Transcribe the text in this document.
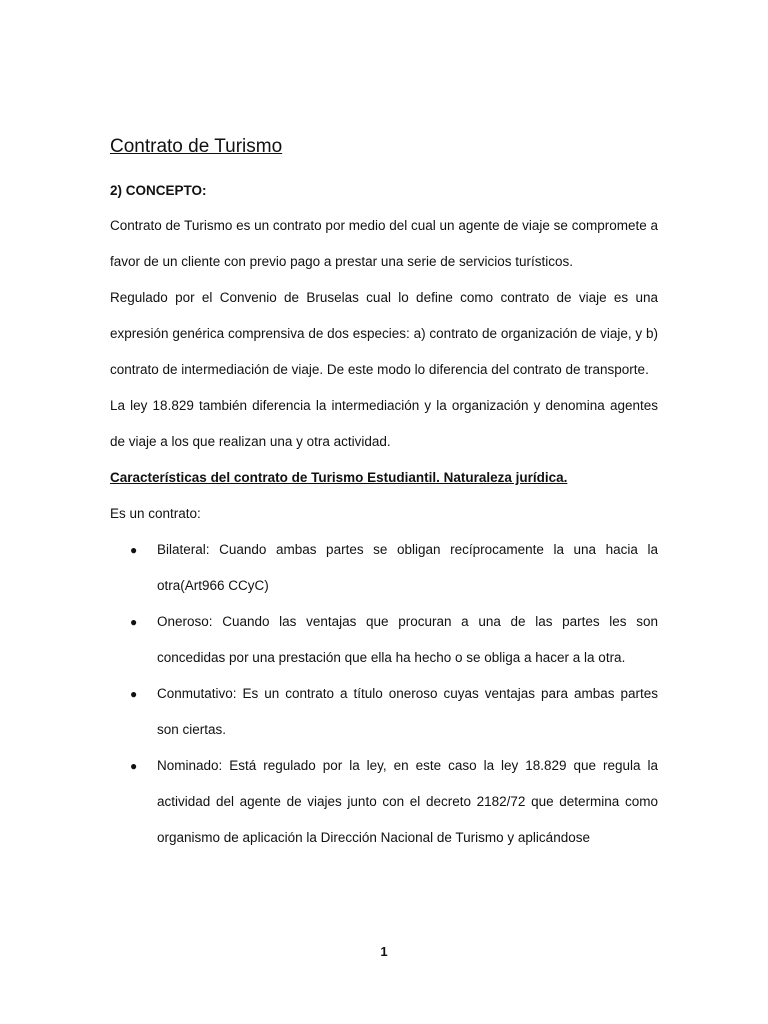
Contrato de Turismo
2) CONCEPTO:

Contrato de Turismo es un contrato por medio del cual un agente de viaje se compromete a favor de un cliente con previo pago a prestar una serie de servicios turísticos.

Regulado por el Convenio de Bruselas cual lo define como contrato de viaje es una expresión genérica comprensiva de dos especies: a) contrato de organización de viaje, y b) contrato de intermediación de viaje. De este modo lo diferencia del contrato de transporte.

La ley 18.829 también diferencia la intermediación y la organización y denomina agentes de viaje a los que realizan una y otra actividad.

Características del contrato de Turismo Estudiantil. Naturaleza jurídica.

Es un contrato:

●	Bilateral: Cuando ambas partes se obligan recíprocamente la una hacia la otra(Art966 CCyC)
●	Oneroso: Cuando las ventajas que procuran a una de las partes les son concedidas por una prestación que ella ha hecho o se obliga a hacer a la otra.
●	Conmutativo: Es un contrato a título oneroso cuyas ventajas para ambas partes son ciertas.
●	Nominado: Está regulado por la ley, en este caso la ley 18.829 que regula la actividad del agente de viajes junto con el decreto 2182/72 que determina como organismo de aplicación la Dirección Nacional de Turismo y aplicándose
1
